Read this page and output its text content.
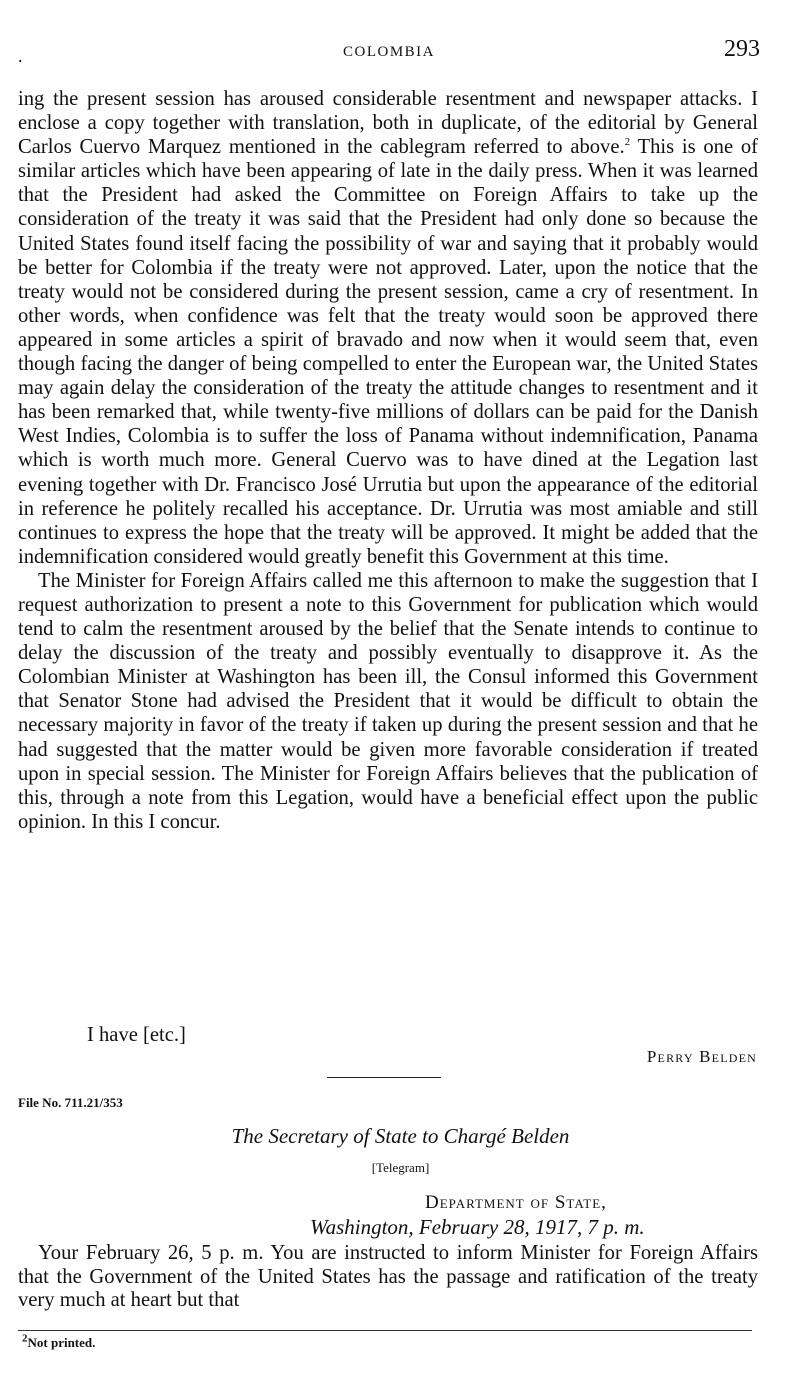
.	COLOMBIA	293

ing the present session has aroused considerable resentment and newspaper attacks. I enclose a copy together with translation, both in duplicate, of the editorial by General Carlos Cuervo Marquez mentioned in the cablegram referred to above.$^2$ This is one of similar articles which have been appearing of late in the daily press. When it was learned that the President had asked the Committee on Foreign Affairs to take up the consideration of the treaty it was said that the President had only done so because the United States found itself facing the possibility of war and saying that it probably would be better for Colombia if the treaty were not approved. Later, upon the notice that the treaty would not be considered during the present session, came a cry of resentment. In other words, when confidence was felt that the treaty would soon be approved there appeared in some articles a spirit of bravado and now when it would seem that, even though facing the danger of being compelled to enter the European war, the United States may again delay the consideration of the treaty the attitude changes to resentment and it has been remarked that, while twenty-five millions of dollars can be paid for the Danish West Indies, Colombia is to suffer the loss of Panama without indemnification, Panama which is worth much more. General Cuervo was to have dined at the Legation last evening together with Dr. Francisco José Urrutia but upon the appearance of the editorial in reference he politely recalled his acceptance. Dr. Urrutia was most amiable and still continues to express the hope that the treaty will be approved. It might be added that the indemnification considered would greatly benefit this Government at this time.

The Minister for Foreign Affairs called me this afternoon to make the suggestion that I request authorization to present a note to this Government for publication which would tend to calm the resentment aroused by the belief that the Senate intends to continue to delay the discussion of the treaty and possibly eventually to disapprove it. As the Colombian Minister at Washington has been ill, the Consul informed this Government that Senator Stone had advised the President that it would be difficult to obtain the necessary majority in favor of the treaty if taken up during the present session and that he had suggested that the matter would be given more favorable consideration if treated upon in special session. The Minister for Foreign Affairs believes that the publication of this, through a note from this Legation, would have a beneficial effect upon the public opinion. In this I concur.

I have [etc.]
Perry Belden
File No. 711.21/353
The Secretary of State to Chargé Belden
[Telegram]
Department of State,
Washington, February 28, 1917, 7 p. m.

Your February 26, 5 p. m. You are instructed to inform Minister for Foreign Affairs that the Government of the United States has the passage and ratification of the treaty very much at heart but that

$^2$Not printed.
